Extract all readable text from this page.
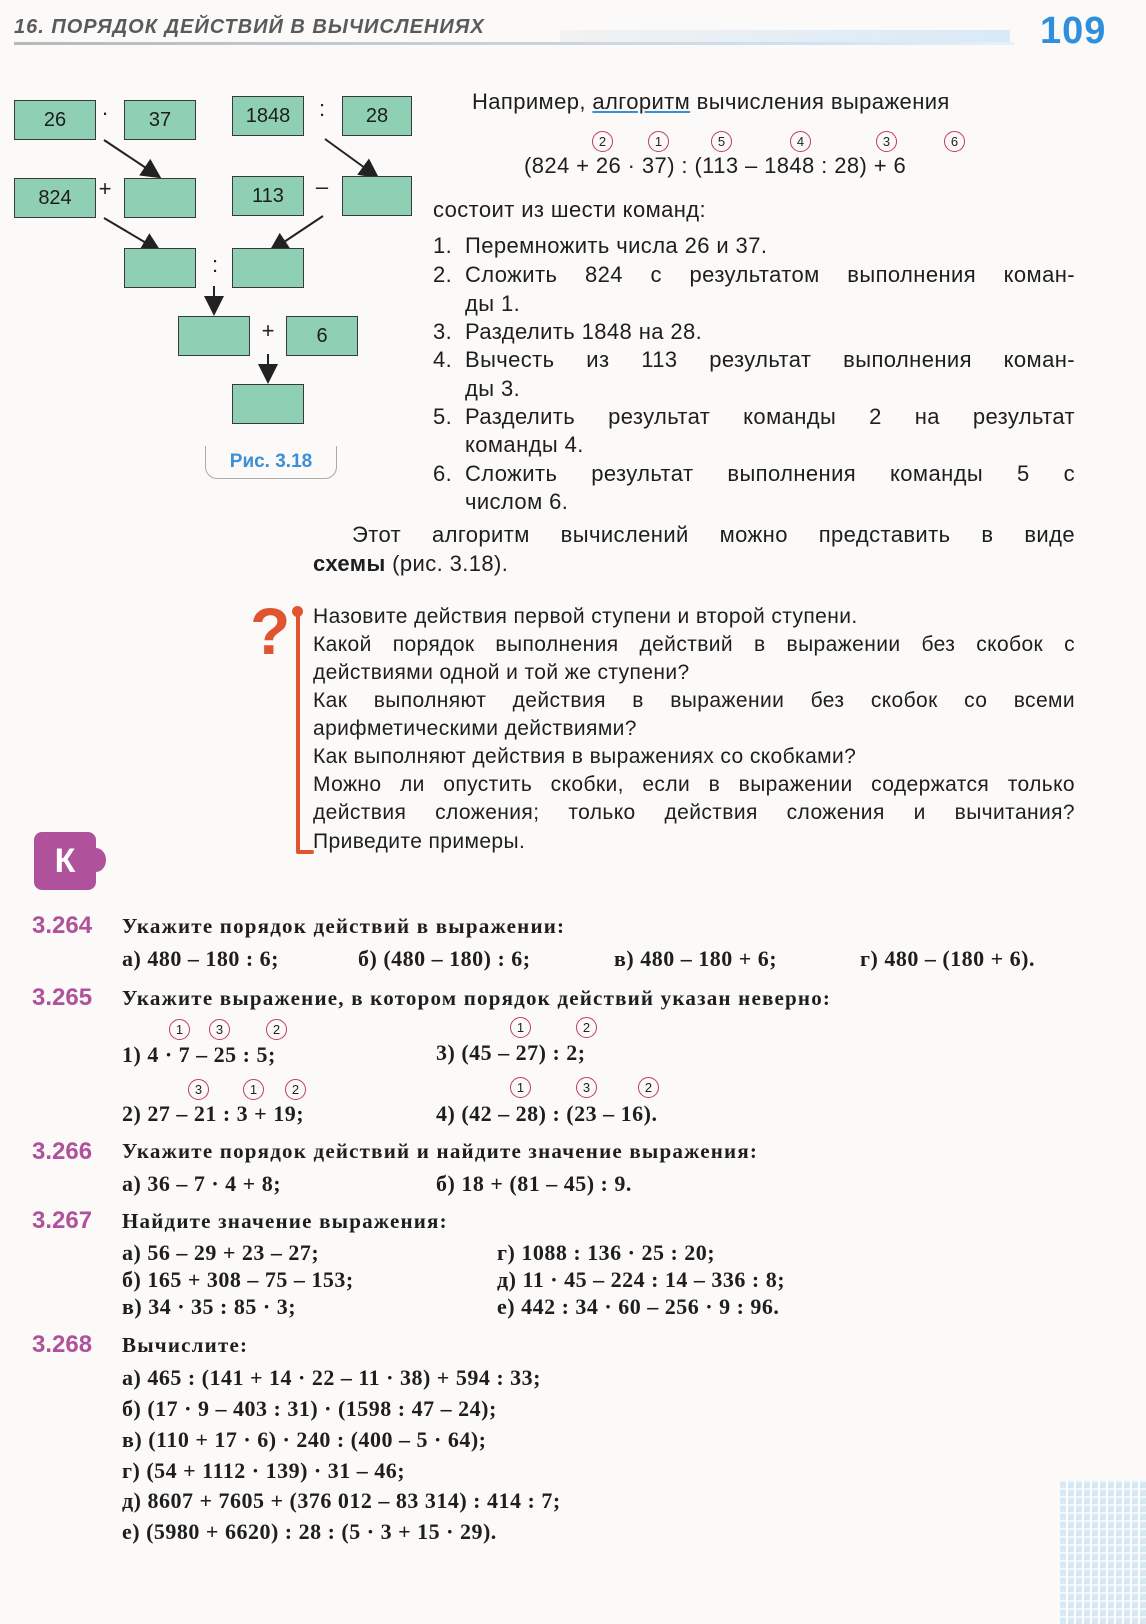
16. ПОРЯДОК ДЕЙСТВИЙ В ВЫЧИСЛЕНИЯХ	109
26	·	37	1848	:	28
824	+	113	–
:
+	6
Рис. 3.18
Например, алгоритм вычисления выражения
2	1	5	4	3	6
(824 + 26 · 37) : (113 – 1848 : 28) + 6
состоит из шести команд:
1. Перемножить числа 26 и 37.
2. Сложить 824 с результатом выполнения коман-
ды 1.
3. Разделить 1848 на 28.
4. Вычесть из 113 результат выполнения коман-
ды 3.
5. Разделить результат команды 2 на результат
команды 4.
6. Сложить результат выполнения команды 5 с
числом 6.
Этот алгоритм вычислений можно представить в виде
схемы (рис. 3.18).
? Назовите действия первой ступени и второй ступени.
Какой порядок выполнения действий в выражении без скобок с
действиями одной и той же ступени?
Как выполняют действия в выражении без скобок со всеми
арифметическими действиями?
Как выполняют действия в выражениях со скобками?
Можно ли опустить скобки, если в выражении содержатся только
действия сложения; только действия сложения и вычитания?
Приведите примеры.
К
3.264 Укажите порядок действий в выражении:
а) 480 – 180 : 6;	б) (480 – 180) : 6;	в) 480 – 180 + 6;	г) 480 – (180 + 6).
3.265 Укажите выражение, в котором порядок действий указан неверно:
1	3	2
1) 4 · 7 – 25 : 5;
1	2
3) (45 – 27) : 2;
3	1	2
2) 27 – 21 : 3 + 19;
1	3	2
4) (42 – 28) : (23 – 16).
3.266 Укажите порядок действий и найдите значение выражения:
а) 36 – 7 · 4 + 8;	б) 18 + (81 – 45) : 9.
3.267 Найдите значение выражения:
а) 56 – 29 + 23 – 27;
б) 165 + 308 – 75 – 153;
в) 34 · 35 : 85 · 3;
г) 1088 : 136 · 25 : 20;
д) 11 · 45 – 224 : 14 – 336 : 8;
е) 442 : 34 · 60 – 256 · 9 : 96.
3.268 Вычислите:
а) 465 : (141 + 14 · 22 – 11 · 38) + 594 : 33;
б) (17 · 9 – 403 : 31) · (1598 : 47 – 24);
в) (110 + 17 · 6) · 240 : (400 – 5 · 64);
г) (54 + 1112 · 139) · 31 – 46;
д) 8607 + 7605 + (376 012 – 83 314) : 414 : 7;
е) (5980 + 6620) : 28 : (5 · 3 + 15 · 29).
